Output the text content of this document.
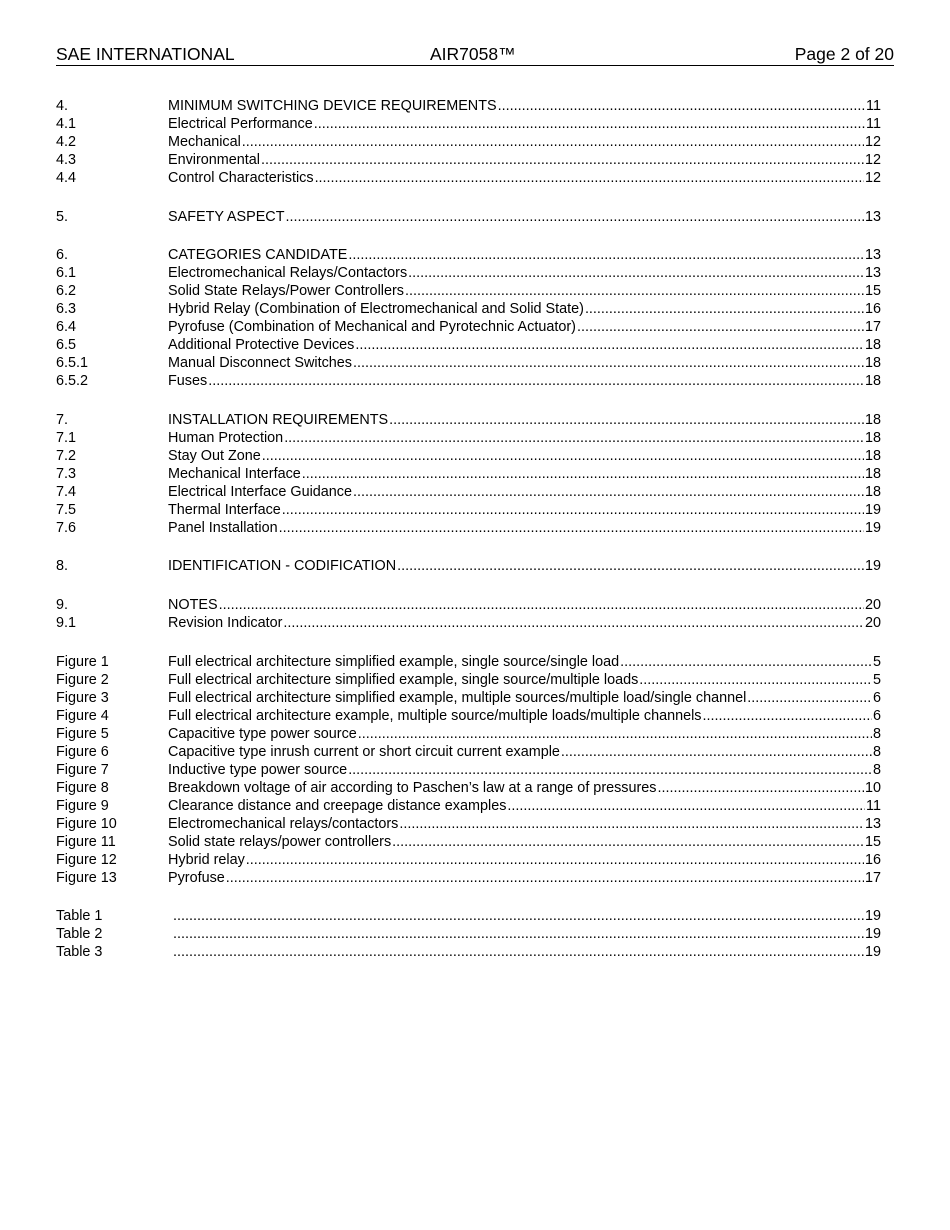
SAE INTERNATIONAL	AIR7058™	Page 2 of 20
4.	MINIMUM SWITCHING DEVICE REQUIREMENTS .....	11
4.1	Electrical Performance .....	11
4.2	Mechanical .....	12
4.3	Environmental .....	12
4.4	Control Characteristics .....	12
5.	SAFETY ASPECT .....	13
6.	CATEGORIES CANDIDATE .....	13
6.1	Electromechanical Relays/Contactors .....	13
6.2	Solid State Relays/Power Controllers .....	15
6.3	Hybrid Relay (Combination of Electromechanical and Solid State) .....	16
6.4	Pyrofuse (Combination of Mechanical and Pyrotechnic Actuator) .....	17
6.5	Additional Protective Devices .....	18
6.5.1	Manual Disconnect Switches .....	18
6.5.2	Fuses .....	18
7.	INSTALLATION REQUIREMENTS .....	18
7.1	Human Protection .....	18
7.2	Stay Out Zone .....	18
7.3	Mechanical Interface .....	18
7.4	Electrical Interface Guidance .....	18
7.5	Thermal Interface .....	19
7.6	Panel Installation .....	19
8.	IDENTIFICATION - CODIFICATION .....	19
9.	NOTES .....	20
9.1	Revision Indicator .....	20
Figure 1	Full electrical architecture simplified example, single source/single load .....	5
Figure 2	Full electrical architecture simplified example, single source/multiple loads .....	5
Figure 3	Full electrical architecture simplified example, multiple sources/multiple load/single channel .....	6
Figure 4	Full electrical architecture example, multiple source/multiple loads/multiple channels .....	6
Figure 5	Capacitive type power source .....	8
Figure 6	Capacitive type inrush current or short circuit current example .....	8
Figure 7	Inductive type power source .....	8
Figure 8	Breakdown voltage of air according to Paschen’s law at a range of pressures .....	10
Figure 9	Clearance distance and creepage distance examples .....	11
Figure 10	Electromechanical relays/contactors .....	13
Figure 11	Solid state relays/power controllers .....	15
Figure 12	Hybrid relay .....	16
Figure 13	Pyrofuse .....	17
Table 1 .....	19
Table 2 .....	19
Table 3 .....	19
